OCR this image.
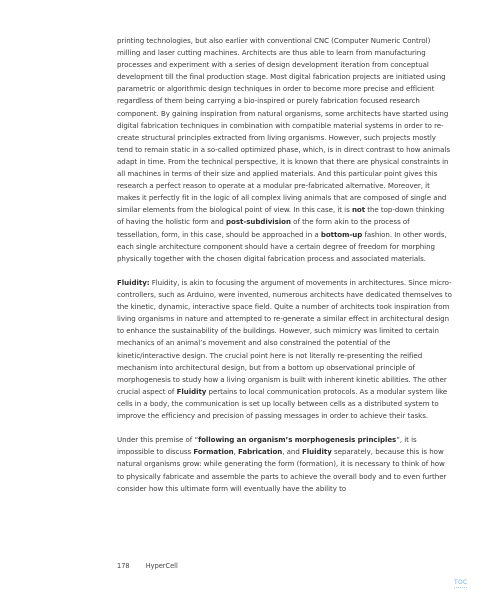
printing technologies, but also earlier with conventional CNC (Computer Numeric Control) milling and laser cutting machines. Architects are thus able to learn from manufacturing processes and experiment with a series of design development iteration from conceptual development till the final production stage. Most digital fabrication projects are initiated using parametric or algorithmic design techniques in order to become more precise and efficient regardless of them being carrying a bio-inspired or purely fabrication focused research component. By gaining inspiration from natural organisms, some architects have started using digital fabrication techniques in combination with compatible material systems in order to re-create structural principles extracted from living organisms. However, such projects mostly tend to remain static in a so-called optimized phase, which, is in direct contrast to how animals adapt in time. From the technical perspective, it is known that there are physical constraints in all machines in terms of their size and applied materials. And this particular point gives this research a perfect reason to operate at a modular pre-fabricated alternative. Moreover, it makes it perfectly fit in the logic of all complex living animals that are composed of single and similar elements from the biological point of view. In this case, it is not the top-down thinking of having the holistic form and post-subdivision of the form akin to the process of tessellation, form, in this case, should be approached in a bottom-up fashion. In other words, each single architecture component should have a certain degree of freedom for morphing physically together with the chosen digital fabrication process and associated materials.

Fluidity: Fluidity, is akin to focusing the argument of movements in architectures. Since micro-controllers, such as Arduino, were invented, numerous architects have dedicated themselves to the kinetic, dynamic, interactive space field. Quite a number of architects took inspiration from living organisms in nature and attempted to re-generate a similar effect in architectural design to enhance the sustainability of the buildings. However, such mimicry was limited to certain mechanics of an animal’s movement and also constrained the potential of the kinetic/interactive design. The crucial point here is not literally re-presenting the reified mechanism into architectural design, but from a bottom up observational principle of morphogenesis to study how a living organism is built with inherent kinetic abilities. The other crucial aspect of Fluidity pertains to local communication protocols. As a modular system like cells in a body, the communication is set up locally between cells as a distributed system to improve the efficiency and precision of passing messages in order to achieve their tasks.

Under this premise of “following an organism’s morphogenesis principles”, it is impossible to discuss Formation, Fabrication, and Fluidity separately, because this is how natural organisms grow: while generating the form (formation), it is necessary to think of how to physically fabricate and assemble the parts to achieve the overall body and to even further consider how this ultimate form will eventually have the ability to

178 HyperCell
TOC
